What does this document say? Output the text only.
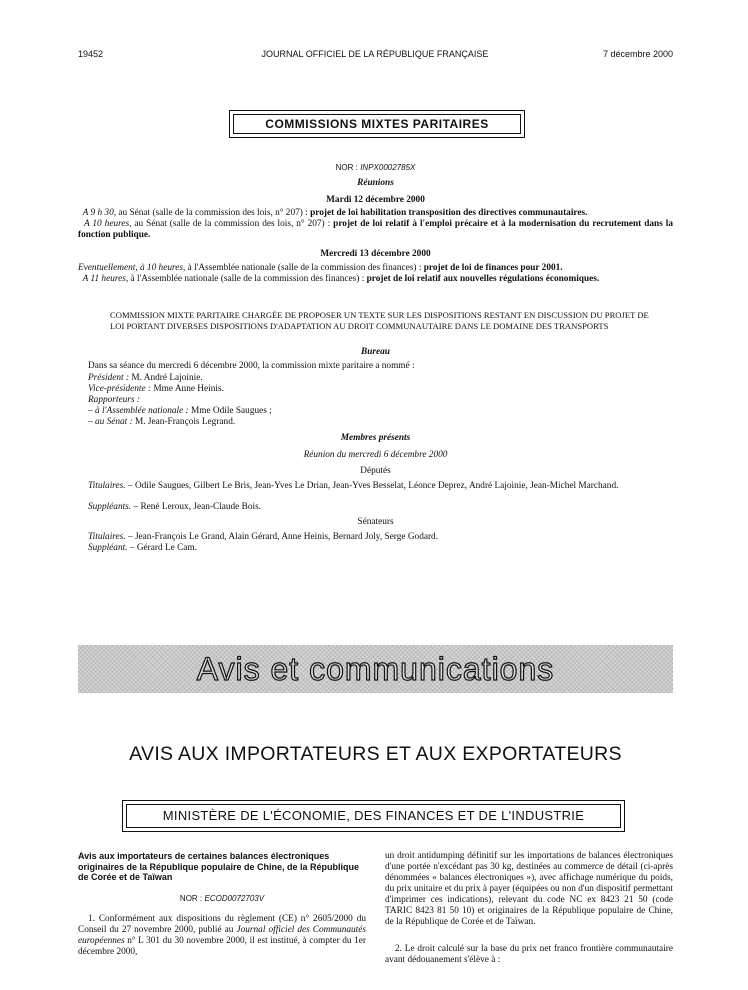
19452	JOURNAL OFFICIEL DE LA RÉPUBLIQUE FRANÇAISE	7 décembre 2000
COMMISSIONS MIXTES PARITAIRES
NOR : INPX0002785X
Réunions
Mardi 12 décembre 2000
A 9 h 30, au Sénat (salle de la commission des lois, n° 207) : projet de loi habilitation transposition des directives communautaires.
A 10 heures, au Sénat (salle de la commission des lois, n° 207) : projet de loi relatif à l'emploi précaire et à la modernisation du recrutement dans la fonction publique.
Mercredi 13 décembre 2000
Eventuellement, à 10 heures, à l'Assemblée nationale (salle de la commission des finances) : projet de loi de finances pour 2001.
A 11 heures, à l'Assemblée nationale (salle de la commission des finances) : projet de loi relatif aux nouvelles régulations économiques.
COMMISSION MIXTE PARITAIRE CHARGÉE DE PROPOSER UN TEXTE SUR LES DISPOSITIONS RESTANT EN DISCUSSION DU PROJET DE LOI PORTANT DIVERSES DISPOSITIONS D'ADAPTATION AU DROIT COMMUNAUTAIRE DANS LE DOMAINE DES TRANSPORTS
Bureau
Dans sa séance du mercredi 6 décembre 2000, la commission mixte paritaire a nommé :
Président : M. André Lajoinie.
Vice-présidente : Mme Anne Heinis.
Rapporteurs :
– à l'Assemblée nationale : Mme Odile Saugues ;
– au Sénat : M. Jean-François Legrand.
Membres présents
Réunion du mercredi 6 décembre 2000
Députés
Titulaires. – Odile Saugues, Gilbert Le Bris, Jean-Yves Le Drian, Jean-Yves Besselat, Léonce Deprez, André Lajoinie, Jean-Michel Marchand.
Suppléants. – René Leroux, Jean-Claude Bois.
Sénateurs
Titulaires. – Jean-François Le Grand, Alain Gérard, Anne Heinis, Bernard Joly, Serge Godard.
Suppléant. – Gérard Le Cam.
Avis et communications
AVIS AUX IMPORTATEURS ET AUX EXPORTATEURS
MINISTÈRE DE L'ÉCONOMIE, DES FINANCES ET DE L'INDUSTRIE
Avis aux importateurs de certaines balances électroniques originaires de la République populaire de Chine, de la République de Corée et de Taïwan
NOR : ECOD0072703V
1. Conformément aux dispositions du règlement (CE) n° 2605/2000 du Conseil du 27 novembre 2000, publié au Journal officiel des Communautés européennes n° L 301 du 30 novembre 2000, il est institué, à compter du 1er décembre 2000,
un droit antidumping définitif sur les importations de balances électroniques d'une portée n'excédant pas 30 kg, destinées au commerce de détail (ci-après dénommées « balances électroniques »), avec affichage numérique du poids, du prix unitaire et du prix à payer (équipées ou non d'un dispositif permettant d'imprimer ces indications), relevant du code NC ex 8423 21 50 (code TARIC 8423 81 50 10) et originaires de la République populaire de Chine, de la République de Corée et de Taïwan.
2. Le droit calculé sur la base du prix net franco frontière communautaire avant dédouanement s'élève à :
